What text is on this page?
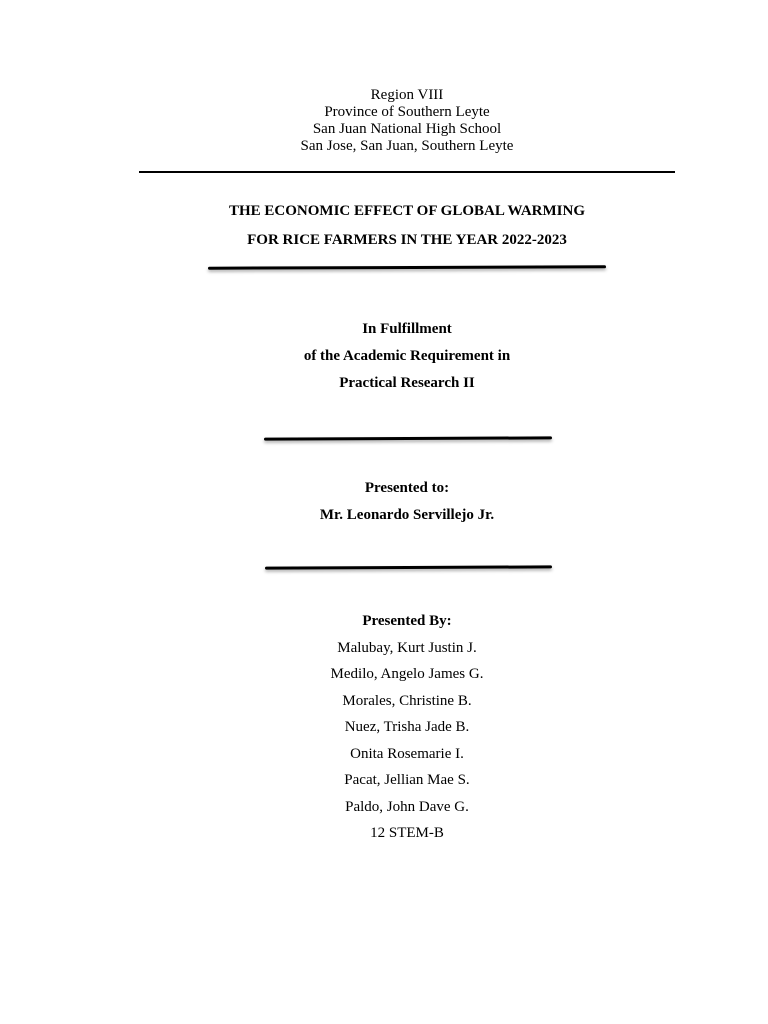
Region VIII
Province of Southern Leyte
San Juan National High School
San Jose, San Juan, Southern Leyte
THE ECONOMIC EFFECT OF GLOBAL WARMING
FOR RICE FARMERS IN THE YEAR 2022-2023
In Fulfillment
of the Academic Requirement in
Practical Research II
Presented to:
Mr. Leonardo Servillejo Jr.
Presented By:
Malubay, Kurt Justin J.
Medilo, Angelo James G.
Morales, Christine B.
Nuez, Trisha Jade B.
Onita Rosemarie I.
Pacat, Jellian Mae S.
Paldo, John Dave G.
12 STEM-B
